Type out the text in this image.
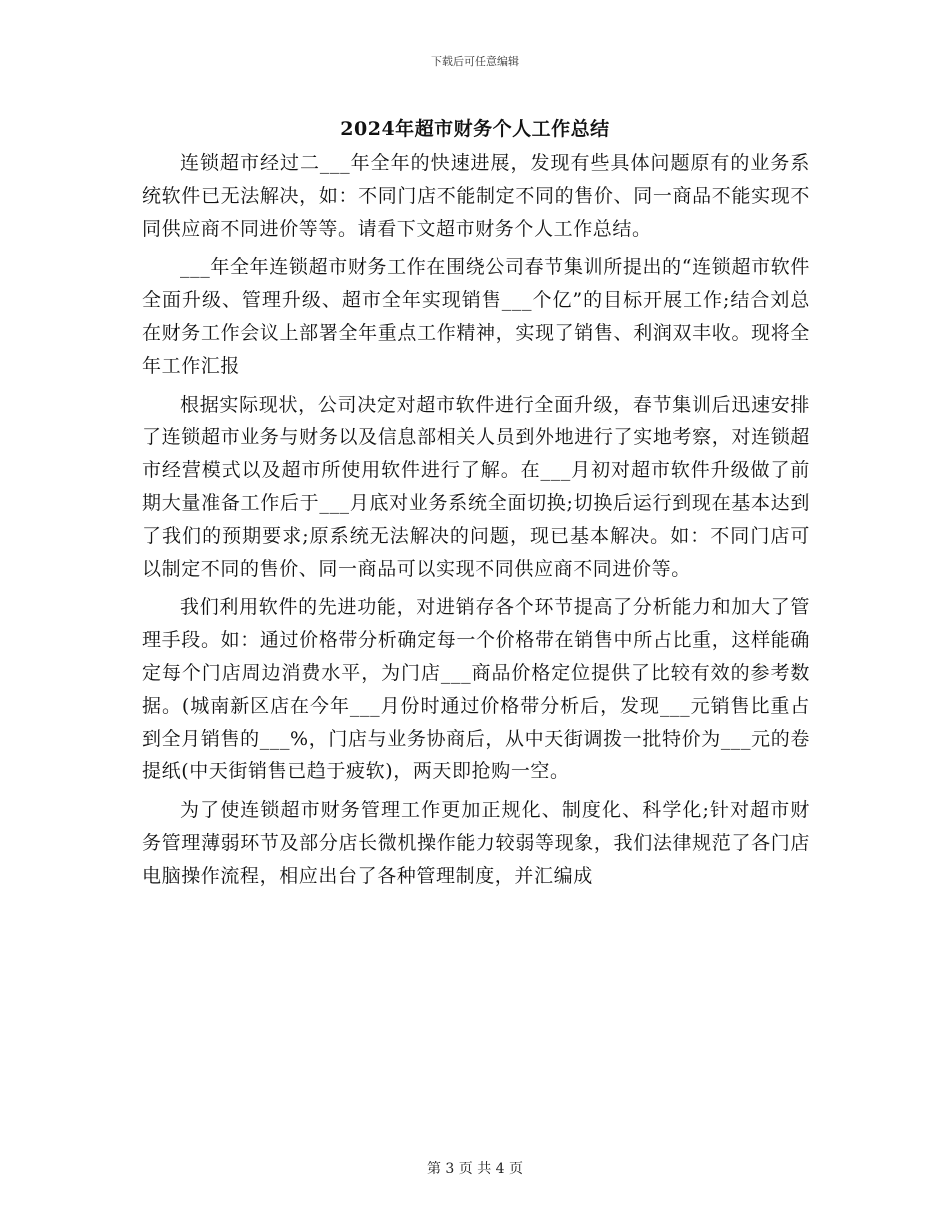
下载后可任意编辑
2024年超市财务个人工作总结

连锁超市经过二___年全年的快速进展，发现有些具体问题原有的业务系统软件已无法解决，如：不同门店不能制定不同的售价、同一商品不能实现不同供应商不同进价等等。请看下文超市财务个人工作总结。

___年全年连锁超市财务工作在围绕公司春节集训所提出的“连锁超市软件全面升级、管理升级、超市全年实现销售___个亿”的目标开展工作;结合刘总在财务工作会议上部署全年重点工作精神，实现了销售、利润双丰收。现将全年工作汇报

根据实际现状，公司决定对超市软件进行全面升级，春节集训后迅速安排了连锁超市业务与财务以及信息部相关人员到外地进行了实地考察，对连锁超市经营模式以及超市所使用软件进行了解。在___月初对超市软件升级做了前期大量准备工作后于___月底对业务系统全面切换;切换后运行到现在基本达到了我们的预期要求;原系统无法解决的问题，现已基本解决。如：不同门店可以制定不同的售价、同一商品可以实现不同供应商不同进价等。

我们利用软件的先进功能，对进销存各个环节提高了分析能力和加大了管理手段。如：通过价格带分析确定每一个价格带在销售中所占比重，这样能确定每个门店周边消费水平，为门店___商品价格定位提供了比较有效的参考数据。(城南新区店在今年___月份时通过价格带分析后，发现___元销售比重占到全月销售的___%，门店与业务协商后，从中天街调拨一批特价为___元的卷提纸(中天街销售已趋于疲软)，两天即抢购一空。

为了使连锁超市财务管理工作更加正规化、制度化、科学化;针对超市财务管理薄弱环节及部分店长微机操作能力较弱等现象，我们法律规范了各门店电脑操作流程，相应出台了各种管理制度，并汇编成

第 3 页 共 4 页
